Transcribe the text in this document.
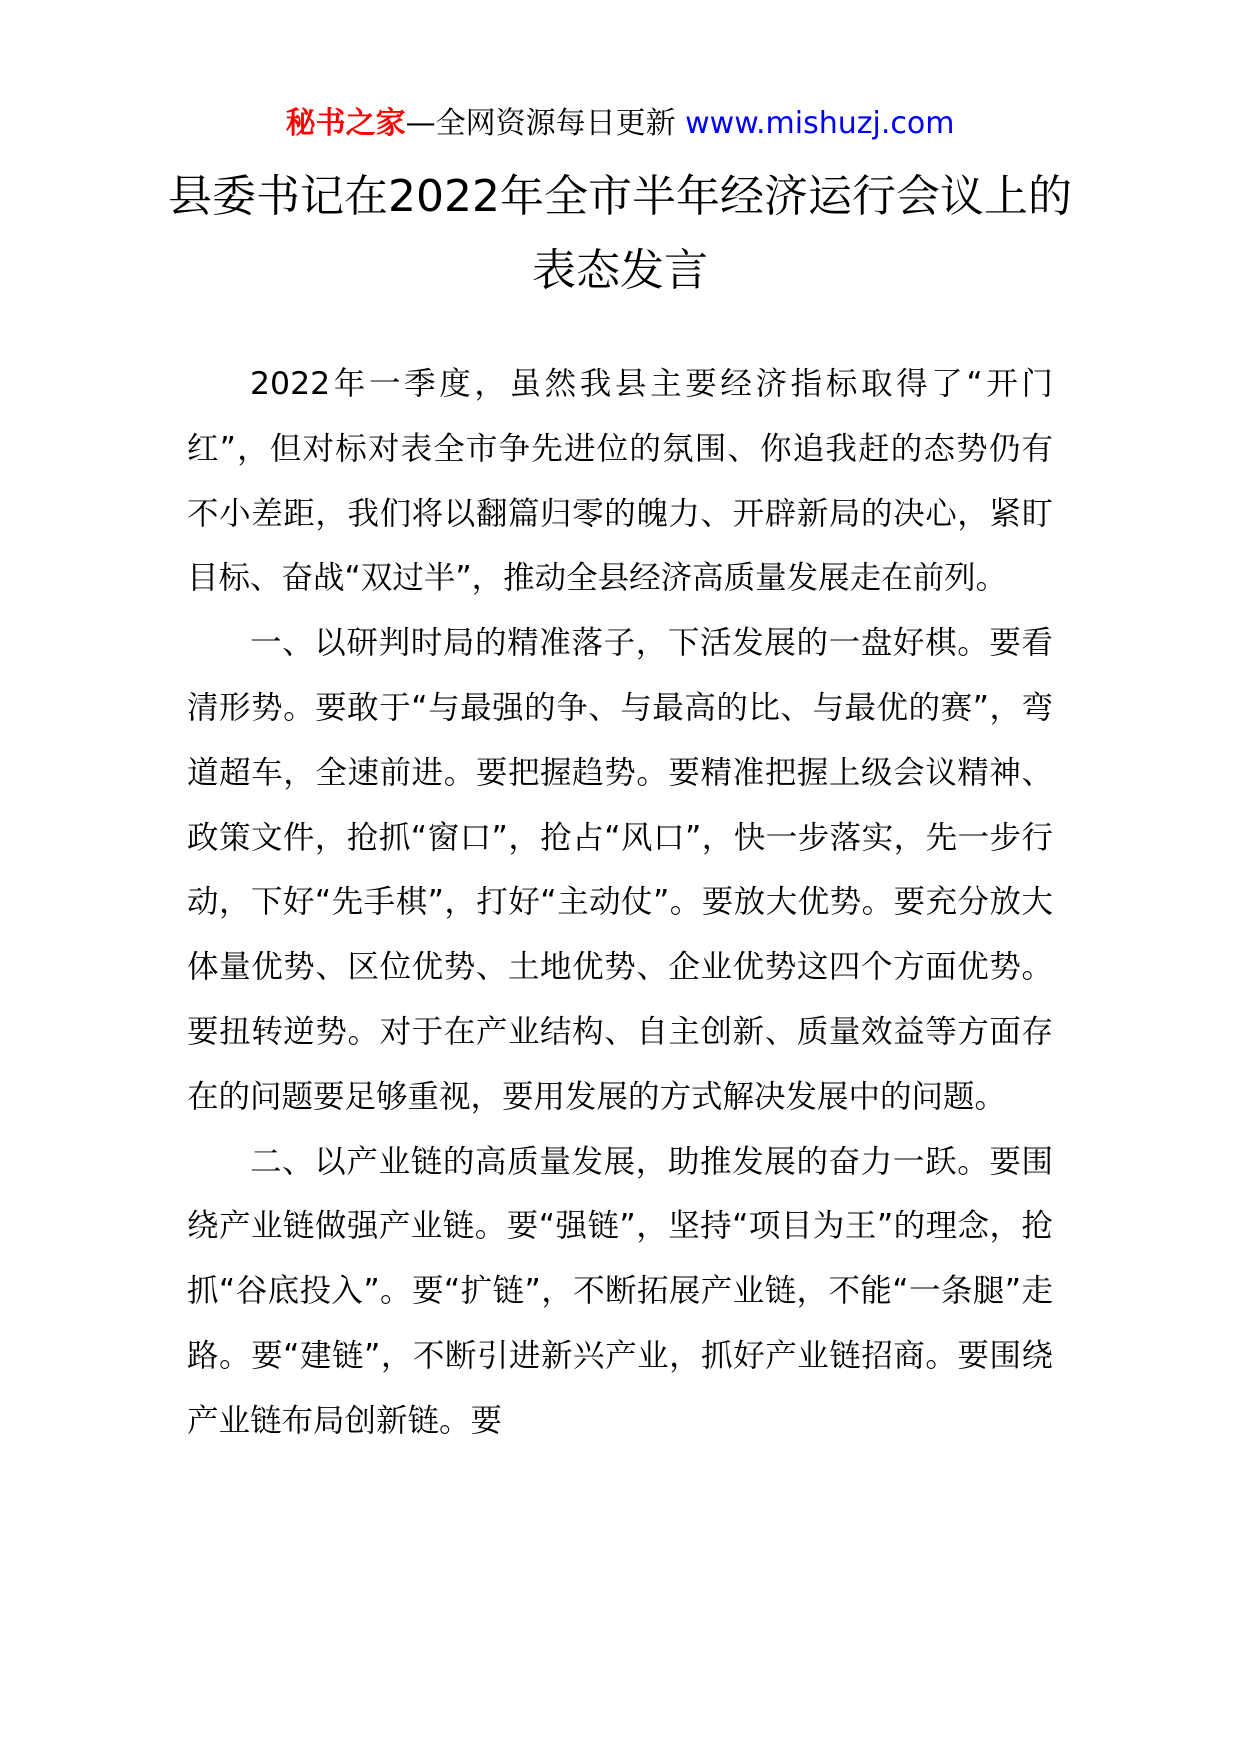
秘书之家—全网资源每日更新 www.mishuzj.com
县委书记在2022年全市半年经济运行会议上的表态发言

2022年一季度，虽然我县主要经济指标取得了“开门红”，但对标对表全市争先进位的氛围、你追我赶的态势仍有不小差距，我们将以翻篇归零的魄力、开辟新局的决心，紧盯目标、奋战“双过半”，推动全县经济高质量发展走在前列。

一、以研判时局的精准落子，下活发展的一盘好棋。要看清形势。要敢于“与最强的争、与最高的比、与最优的赛”，弯道超车，全速前进。要把握趋势。要精准把握上级会议精神、政策文件，抢抓“窗口”，抢占“风口”，快一步落实，先一步行动，下好“先手棋”，打好“主动仗”。要放大优势。要充分放大体量优势、区位优势、土地优势、企业优势这四个方面优势。要扭转逆势。对于在产业结构、自主创新、质量效益等方面存在的问题要足够重视，要用发展的方式解决发展中的问题。

二、以产业链的高质量发展，助推发展的奋力一跃。要围绕产业链做强产业链。要“强链”，坚持“项目为王”的理念，抢抓“谷底投入”。要“扩链”，不断拓展产业链，不能“一条腿”走路。要“建链”，不断引进新兴产业，抓好产业链招商。要围绕产业链布局创新链。要
